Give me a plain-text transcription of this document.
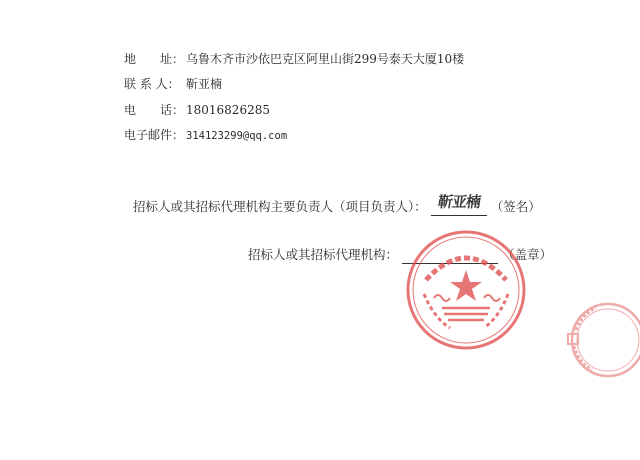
地　　址： 乌鲁木齐市沙依巴克区阿里山街299号泰天大厦10楼
联 系 人： 靳亚楠
电　　话： 18016826285
电子邮件： 314123299@qq.com
招标人或其招标代理机构主要负责人（项目负责人）： 靳亚楠 （签名）
招标人或其招标代理机构：	（盖章）
